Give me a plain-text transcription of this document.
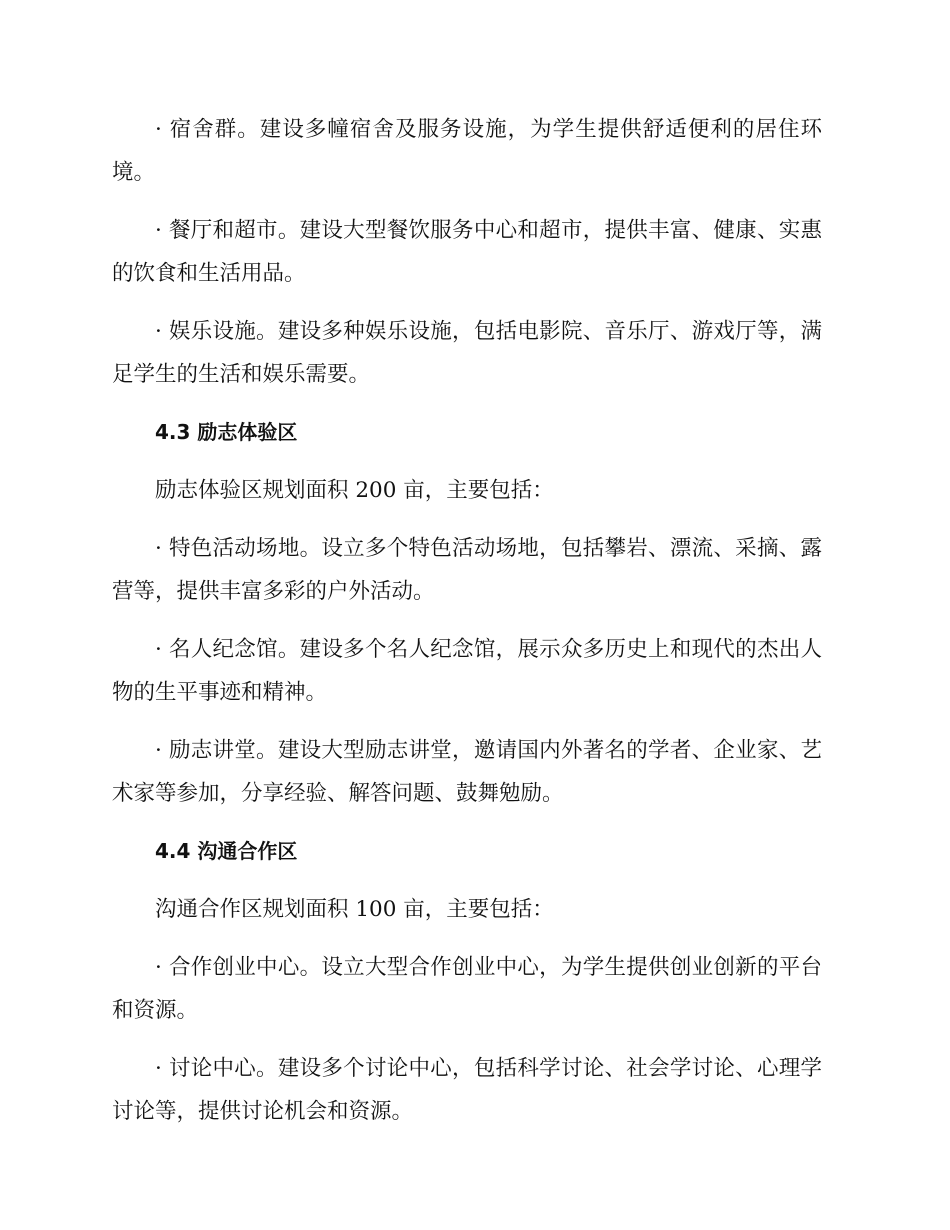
· 宿舍群。建设多幢宿舍及服务设施，为学生提供舒适便利的居住环境。

· 餐厅和超市。建设大型餐饮服务中心和超市，提供丰富、健康、实惠的饮食和生活用品。

· 娱乐设施。建设多种娱乐设施，包括电影院、音乐厅、游戏厅等，满足学生的生活和娱乐需要。

4.3 励志体验区

励志体验区规划面积 200 亩，主要包括：

· 特色活动场地。设立多个特色活动场地，包括攀岩、漂流、采摘、露营等，提供丰富多彩的户外活动。

· 名人纪念馆。建设多个名人纪念馆，展示众多历史上和现代的杰出人物的生平事迹和精神。

· 励志讲堂。建设大型励志讲堂，邀请国内外著名的学者、企业家、艺术家等参加，分享经验、解答问题、鼓舞勉励。

4.4 沟通合作区

沟通合作区规划面积 100 亩，主要包括：

· 合作创业中心。设立大型合作创业中心，为学生提供创业创新的平台和资源。

· 讨论中心。建设多个讨论中心，包括科学讨论、社会学讨论、心理学讨论等，提供讨论机会和资源。
